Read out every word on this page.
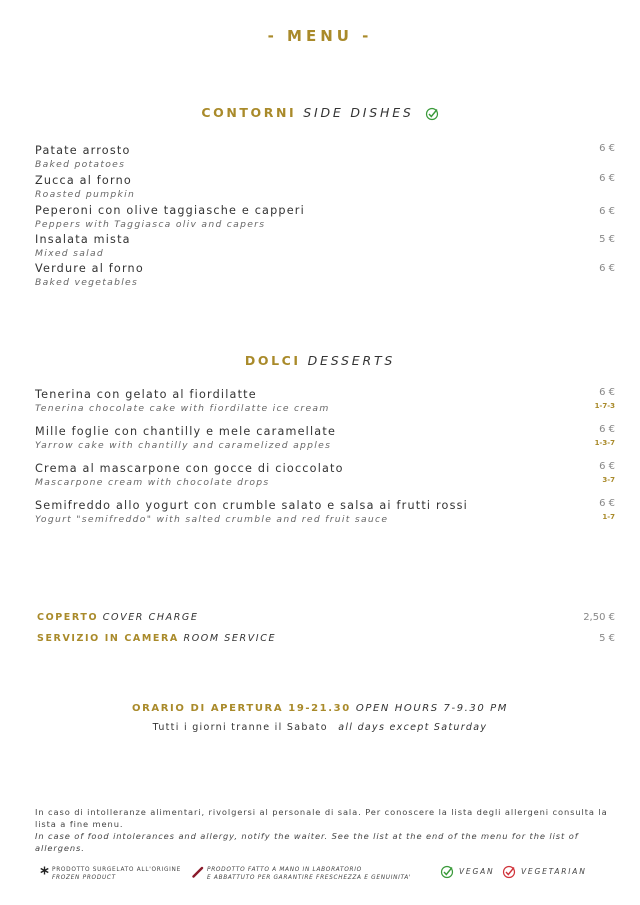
- MENU -
CONTORNI SIDE DISHES
Patate arrosto
Baked potatoes
6 €
Zucca al forno
Roasted pumpkin
6 €
Peperoni con olive taggiasche e capperi
Peppers with Taggiasca oliv and capers
6 €
Insalata mista
Mixed salad
5 €
Verdure al forno
Baked vegetables
6 €
DOLCI DESSERTS
Tenerina con gelato al fiordilatte
Tenerina chocolate cake with fiordilatte ice cream
6 €
1-7-3
Mille foglie con chantilly e mele caramellate
Yarrow cake with chantilly and caramelized apples
6 €
1-3-7
Crema al mascarpone con gocce di cioccolato
Mascarpone cream with chocolate drops
6 €
3-7
Semifreddo allo yogurt con crumble salato e salsa ai frutti rossi
Yogurt "semifreddo" with salted crumble and red fruit sauce
6 €
1-7
COPERTO COVER CHARGE	2,50 €
SERVIZIO IN CAMERA ROOM SERVICE	5 €
ORARIO DI APERTURA 19-21.30 OPEN HOURS 7-9.30 PM
Tutti i giorni tranne il Sabato all days except Saturday
In caso di intolleranze alimentari, rivolgersi al personale di sala. Per conoscere la lista degli allergeni consulta la lista a fine menu.
In case of food intolerances and allergy, notify the waiter. See the list at the end of the menu for the list of allergens.
PRODOTTO SURGELATO ALL'ORIGINE
FROZEN PRODUCT
PRODOTTO FATTO A MANO IN LABORATORIO
E ABBATTUTO PER GARANTIRE FRESCHEZZA E GENUINITA'
VEGAN	VEGETARIAN
